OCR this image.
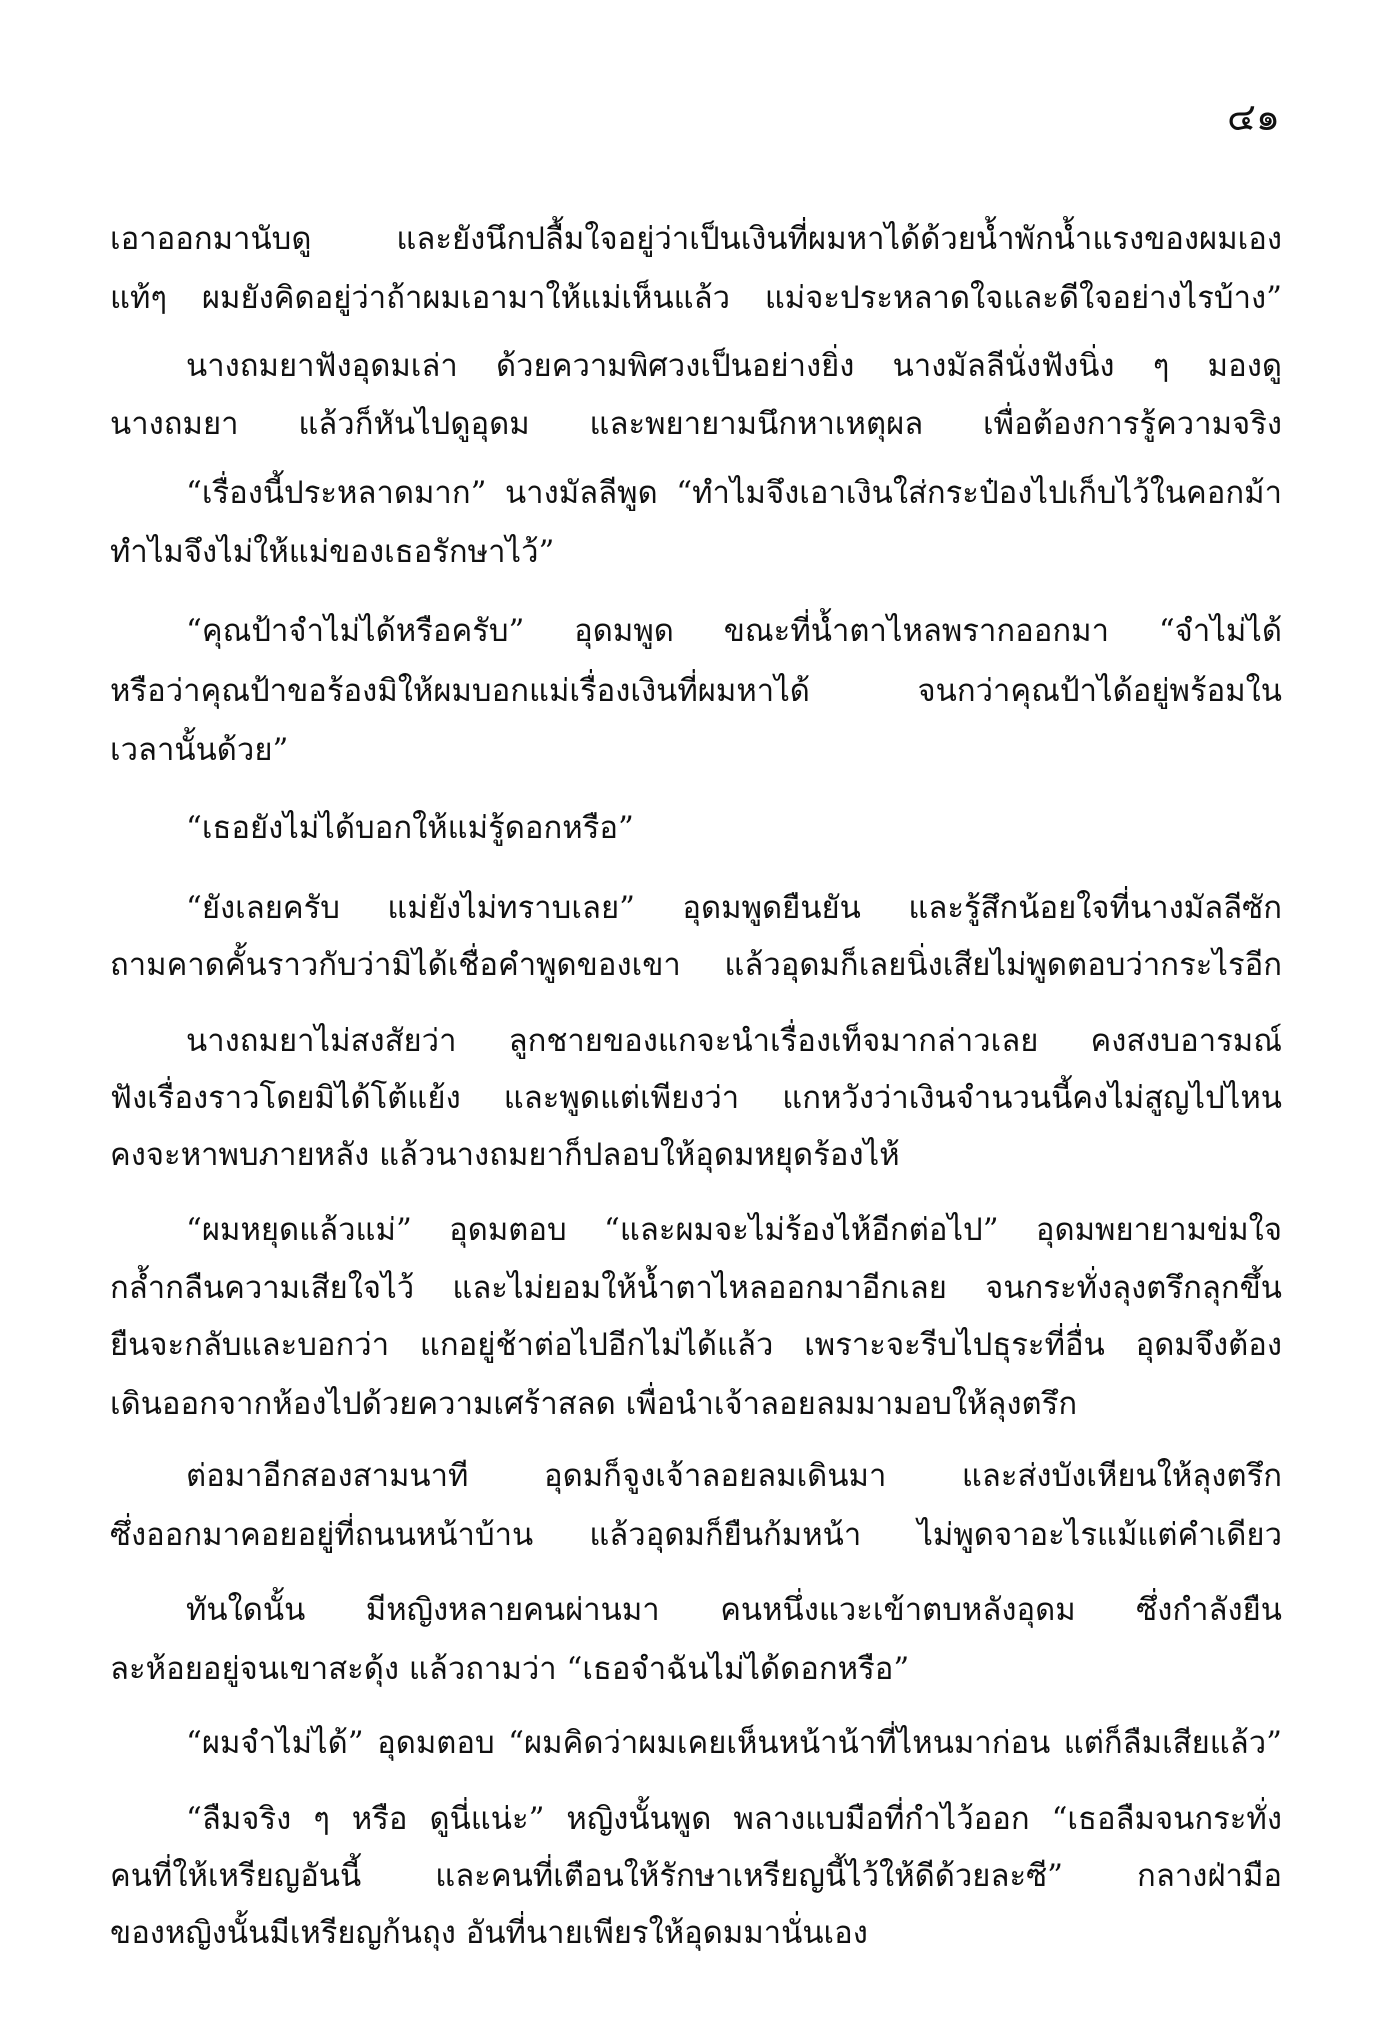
๔๑
เอาออกมานับดู และยังนึกปลื้มใจอยู่ว่าเป็นเงินที่ผมหาได้ด้วยน้ำพักน้ำแรงของผมเอง
แท้ๆ ผมยังคิดอยู่ว่าถ้าผมเอามาให้แม่เห็นแล้ว แม่จะประหลาดใจและดีใจอย่างไรบ้าง”
นางถมยาฟังอุดมเล่า ด้วยความพิศวงเป็นอย่างยิ่ง นางมัลลีนั่งฟังนิ่ง ๆ มองดู
นางถมยา แล้วก็หันไปดูอุดม และพยายามนึกหาเหตุผล เพื่อต้องการรู้ความจริง
“เรื่องนี้ประหลาดมาก” นางมัลลีพูด “ทำไมจึงเอาเงินใส่กระป๋องไปเก็บไว้ในคอกม้า
ทำไมจึงไม่ให้แม่ของเธอรักษาไว้”
“คุณป้าจำไม่ได้หรือครับ” อุดมพูด ขณะที่น้ำตาไหลพรากออกมา “จำไม่ได้
หรือว่าคุณป้าขอร้องมิให้ผมบอกแม่เรื่องเงินที่ผมหาได้ จนกว่าคุณป้าได้อยู่พร้อมใน
เวลานั้นด้วย”
“เธอยังไม่ได้บอกให้แม่รู้ดอกหรือ”
“ยังเลยครับ แม่ยังไม่ทราบเลย” อุดมพูดยืนยัน และรู้สึกน้อยใจที่นางมัลลีซัก
ถามคาดคั้นราวกับว่ามิได้เชื่อคำพูดของเขา แล้วอุดมก็เลยนิ่งเสียไม่พูดตอบว่ากระไรอีก
นางถมยาไม่สงสัยว่า ลูกชายของแกจะนำเรื่องเท็จมากล่าวเลย คงสงบอารมณ์
ฟังเรื่องราวโดยมิได้โต้แย้ง และพูดแต่เพียงว่า แกหวังว่าเงินจำนวนนี้คงไม่สูญไปไหน
คงจะหาพบภายหลัง แล้วนางถมยาก็ปลอบให้อุดมหยุดร้องไห้
“ผมหยุดแล้วแม่” อุดมตอบ “และผมจะไม่ร้องไห้อีกต่อไป” อุดมพยายามข่มใจ
กล้ำกลืนความเสียใจไว้ และไม่ยอมให้น้ำตาไหลออกมาอีกเลย จนกระทั่งลุงตรึกลุกขึ้น
ยืนจะกลับและบอกว่า แกอยู่ช้าต่อไปอีกไม่ได้แล้ว เพราะจะรีบไปธุระที่อื่น อุดมจึงต้อง
เดินออกจากห้องไปด้วยความเศร้าสลด เพื่อนำเจ้าลอยลมมามอบให้ลุงตรึก
ต่อมาอีกสองสามนาที อุดมก็จูงเจ้าลอยลมเดินมา และส่งบังเหียนให้ลุงตรึก
ซึ่งออกมาคอยอยู่ที่ถนนหน้าบ้าน แล้วอุดมก็ยืนก้มหน้า ไม่พูดจาอะไรแม้แต่คำเดียว
ทันใดนั้น มีหญิงหลายคนผ่านมา คนหนึ่งแวะเข้าตบหลังอุดม ซึ่งกำลังยืน
ละห้อยอยู่จนเขาสะดุ้ง แล้วถามว่า “เธอจำฉันไม่ได้ดอกหรือ”
“ผมจำไม่ได้” อุดมตอบ “ผมคิดว่าผมเคยเห็นหน้าน้าที่ไหนมาก่อน แต่ก็ลืมเสียแล้ว”
“ลืมจริง ๆ หรือ ดูนี่แน่ะ” หญิงนั้นพูด พลางแบมือที่กำไว้ออก “เธอลืมจนกระทั่ง
คนที่ให้เหรียญอันนี้ และคนที่เตือนให้รักษาเหรียญนี้ไว้ให้ดีด้วยละซี” กลางฝ่ามือ
ของหญิงนั้นมีเหรียญก้นถุง อันที่นายเพียรให้อุดมมานั่นเอง
